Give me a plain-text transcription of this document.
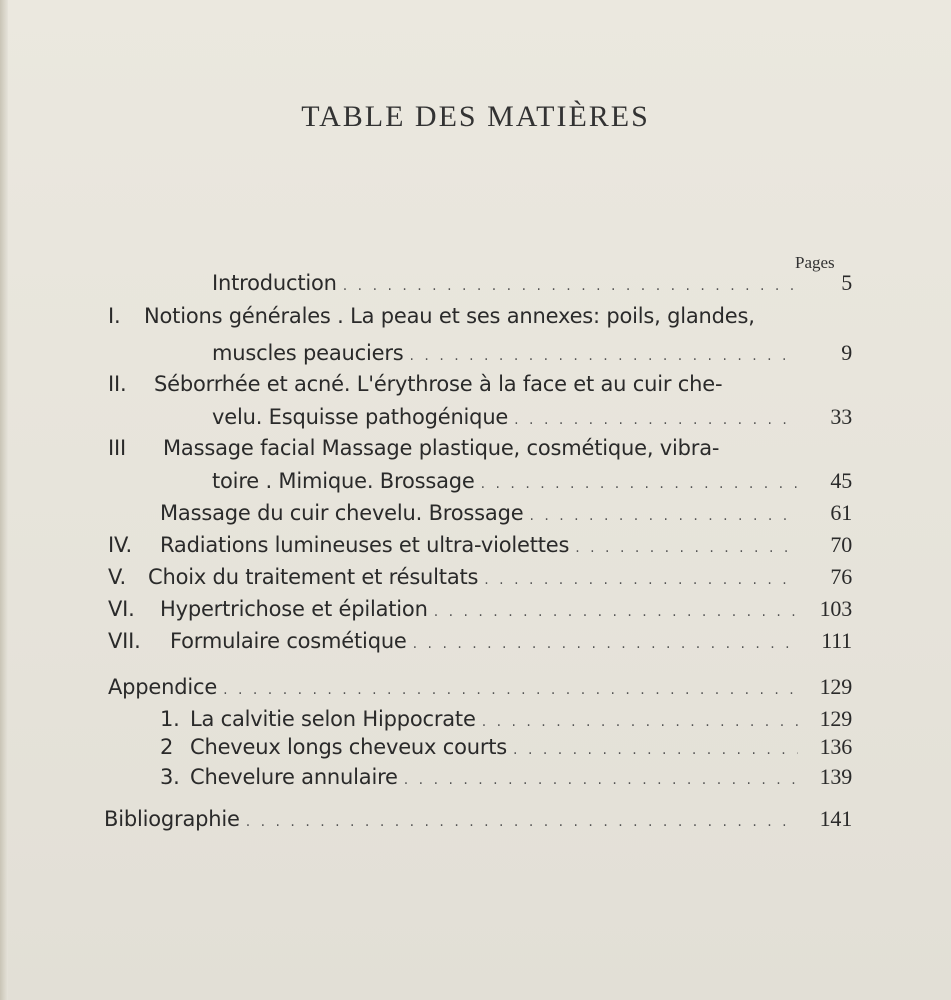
TABLE DES MATIÈRES
Pages
Introduction . . .	5
I.	Notions générales . La peau et ses annexes: poils, glandes,
muscles peauciers . . .	9
II.	Séborrhée et acné. L'érythrose à la face et au cuir che-
velu. Esquisse pathogénique . . .	33
III	Massage facial Massage plastique, cosmétique, vibra-
toire . Mimique. Brossage . . .	45
Massage du cuir chevelu. Brossage . . .	61
IV.	Radiations lumineuses et ultra-violettes . . .	70
V.	Choix du traitement et résultats . . .	76
VI.	Hypertrichose et épilation . . .	103
VII.	Formulaire cosmétique . . .	111
Appendice . . .	129
1. La calvitie selon Hippocrate . . .	129
2 Cheveux longs cheveux courts . . .	136
3. Chevelure annulaire . . .	139
Bibliographie . . .	141
